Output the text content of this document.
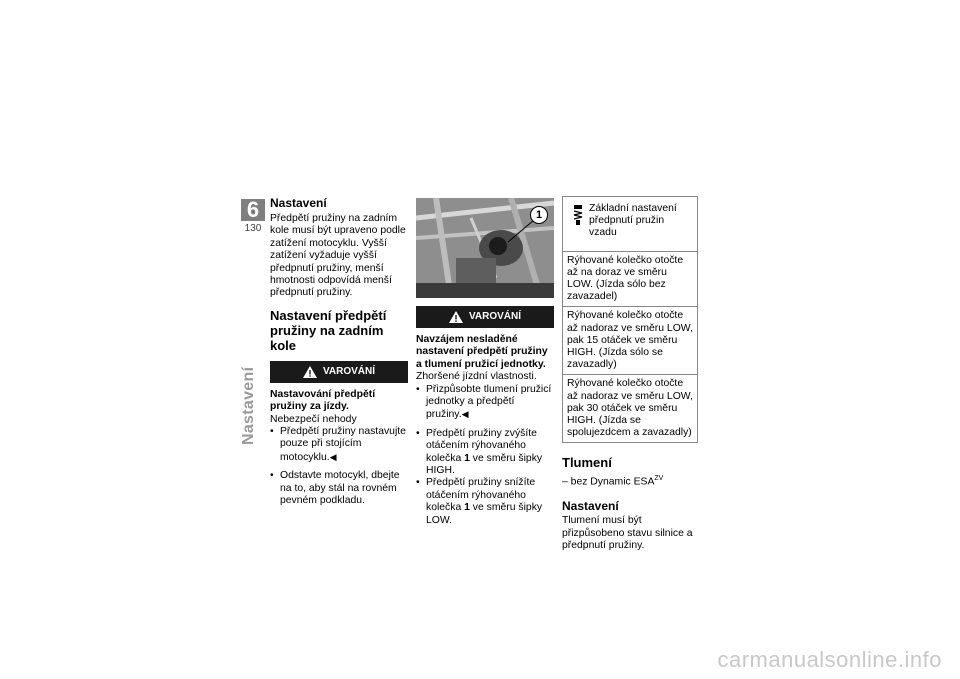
6
130
Nastavení
Nastavení

Předpětí pružiny na zadním kole musí být upraveno podle zatížení motocyklu. Vyšší zatížení vyžaduje vyšší předpnutí pružiny, menší hmotnosti odpovídá menší předpnutí pružiny.

Nastavení předpětí pružiny na zadním kole
VAROVÁNÍ

Nastavování předpětí pružiny za jízdy.

Nebezpečí nehody

• Předpětí pružiny nastavujte pouze při stojícím motocyklu.◀
• Odstavte motocykl, dbejte na to, aby stál na rovném pevném podkladu.
1
VAROVÁNÍ

Navzájem nesladěné nastavení předpětí pružiny a tlumení pružicí jednotky.

Zhoršené jízdní vlastnosti.

• Přizpůsobte tlumení pružicí jednotky a předpětí pružiny.◀
• Předpětí pružiny zvýšíte otáčením rýhovaného kolečka 1 ve směru šipky HIGH.
• Předpětí pružiny snížíte otáčením rýhovaného kolečka 1 ve směru šipky LOW.
Základní nastavení předpnutí pružin vzadu

Rýhované kolečko otočte až na doraz ve směru LOW. (Jízda sólo bez zavazadel)
Rýhované kolečko otočte až nadoraz ve směru LOW, pak 15 otáček ve směru HIGH. (Jízda sólo se zavazadly)
Rýhované kolečko otočte až nadoraz ve směru LOW, pak 30 otáček ve směru HIGH. (Jízda se spolujezdcem a zavazadly)
Tlumení

– bez Dynamic $ESA^{ZV}$

Nastavení

Tlumení musí být přizpůsobeno stavu silnice a předpnutí pružiny.

carmanualsonline.info
